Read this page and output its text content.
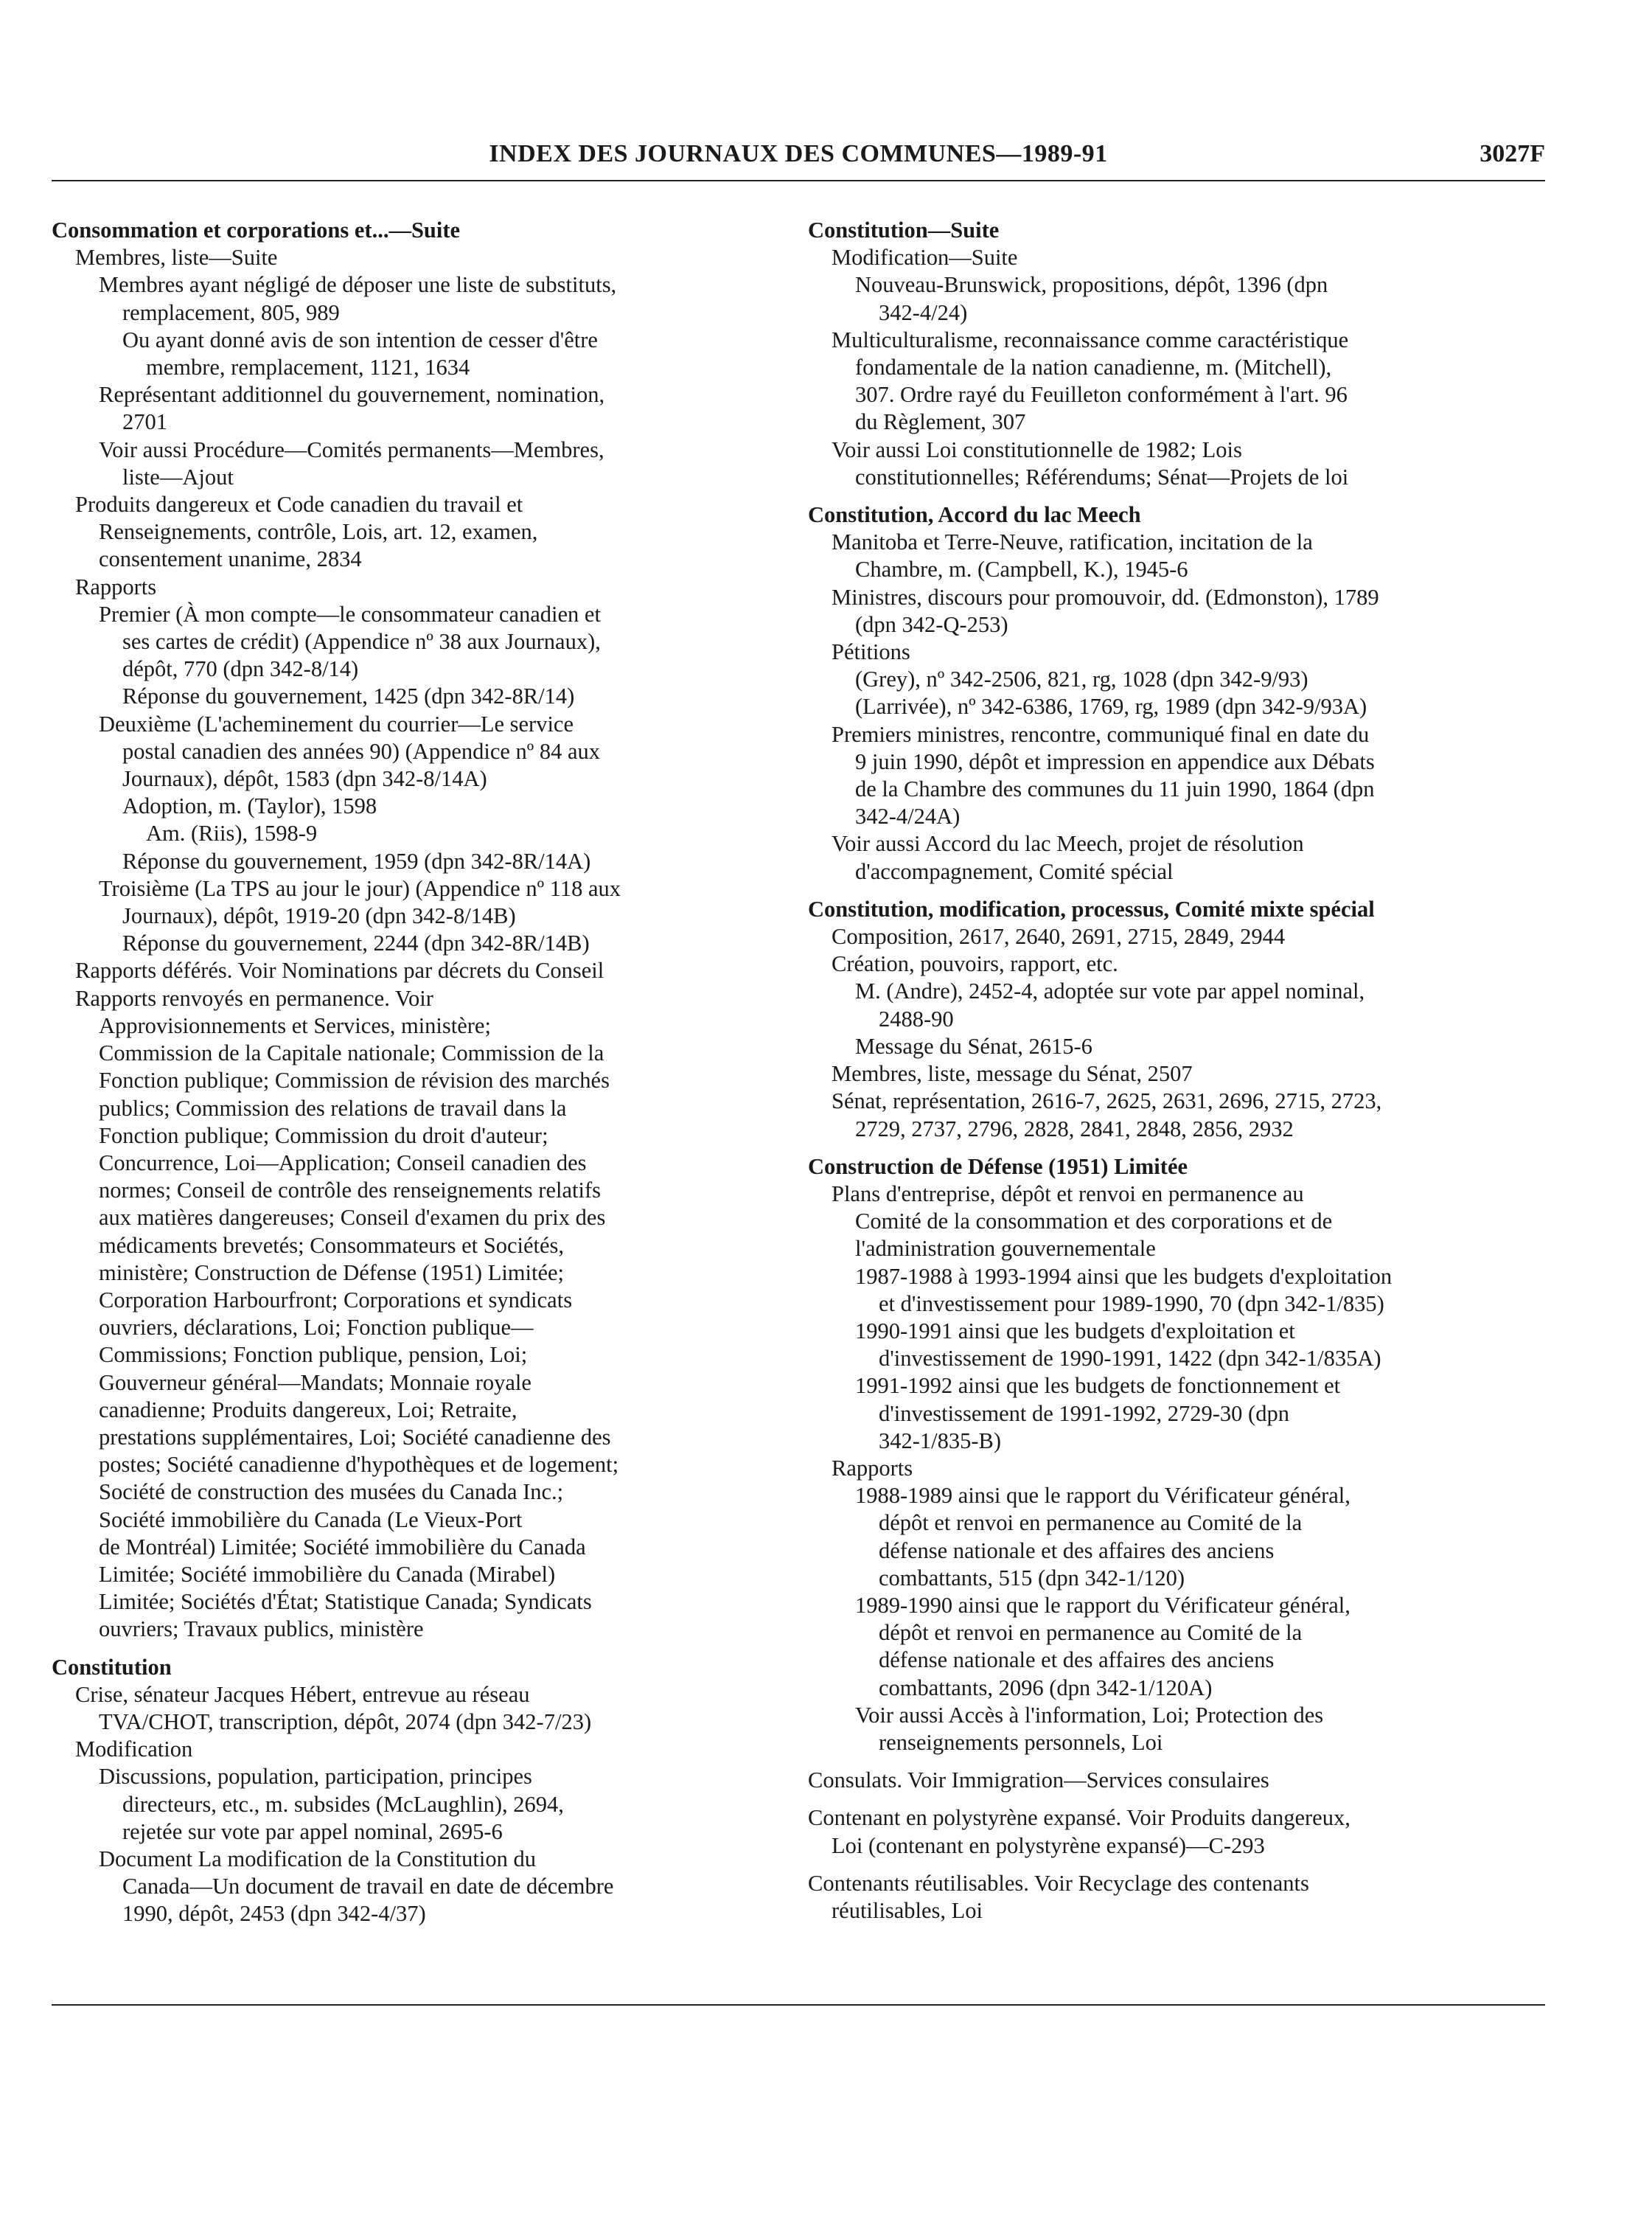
INDEX DES JOURNAUX DES COMMUNES—1989-91	3027F
Consommation et corporations et...—Suite
Membres, liste—Suite
Membres ayant négligé de déposer une liste de substituts,
remplacement, 805, 989
Ou ayant donné avis de son intention de cesser d'être
membre, remplacement, 1121, 1634
Représentant additionnel du gouvernement, nomination,
2701
Voir aussi Procédure—Comités permanents—Membres,
liste—Ajout
Produits dangereux et Code canadien du travail et
Renseignements, contrôle, Lois, art. 12, examen,
consentement unanime, 2834
Rapports
Premier (À mon compte—le consommateur canadien et
ses cartes de crédit) (Appendice nº 38 aux Journaux),
dépôt, 770 (dpn 342-8/14)
Réponse du gouvernement, 1425 (dpn 342-8R/14)
Deuxième (L'acheminement du courrier—Le service
postal canadien des années 90) (Appendice nº 84 aux
Journaux), dépôt, 1583 (dpn 342-8/14A)
Adoption, m. (Taylor), 1598
Am. (Riis), 1598-9
Réponse du gouvernement, 1959 (dpn 342-8R/14A)
Troisième (La TPS au jour le jour) (Appendice nº 118 aux
Journaux), dépôt, 1919-20 (dpn 342-8/14B)
Réponse du gouvernement, 2244 (dpn 342-8R/14B)
Rapports déférés. Voir Nominations par décrets du Conseil
Rapports renvoyés en permanence. Voir
Approvisionnements et Services, ministère;
Commission de la Capitale nationale; Commission de la
Fonction publique; Commission de révision des marchés
publics; Commission des relations de travail dans la
Fonction publique; Commission du droit d'auteur;
Concurrence, Loi—Application; Conseil canadien des
normes; Conseil de contrôle des renseignements relatifs
aux matières dangereuses; Conseil d'examen du prix des
médicaments brevetés; Consommateurs et Sociétés,
ministère; Construction de Défense (1951) Limitée;
Corporation Harbourfront; Corporations et syndicats
ouvriers, déclarations, Loi; Fonction publique—
Commissions; Fonction publique, pension, Loi;
Gouverneur général—Mandats; Monnaie royale
canadienne; Produits dangereux, Loi; Retraite,
prestations supplémentaires, Loi; Société canadienne des
postes; Société canadienne d'hypothèques et de logement;
Société de construction des musées du Canada Inc.;
Société immobilière du Canada (Le Vieux-Port
de Montréal) Limitée; Société immobilière du Canada
Limitée; Société immobilière du Canada (Mirabel)
Limitée; Sociétés d'État; Statistique Canada; Syndicats
ouvriers; Travaux publics, ministère
Constitution
Crise, sénateur Jacques Hébert, entrevue au réseau
TVA/CHOT, transcription, dépôt, 2074 (dpn 342-7/23)
Modification
Discussions, population, participation, principes
directeurs, etc., m. subsides (McLaughlin), 2694,
rejetée sur vote par appel nominal, 2695-6
Document La modification de la Constitution du
Canada—Un document de travail en date de décembre
1990, dépôt, 2453 (dpn 342-4/37)
Constitution—Suite
Modification—Suite
Nouveau-Brunswick, propositions, dépôt, 1396 (dpn
342-4/24)
Multiculturalisme, reconnaissance comme caractéristique
fondamentale de la nation canadienne, m. (Mitchell),
307. Ordre rayé du Feuilleton conformément à l'art. 96
du Règlement, 307
Voir aussi Loi constitutionnelle de 1982; Lois
constitutionnelles; Référendums; Sénat—Projets de loi
Constitution, Accord du lac Meech
Manitoba et Terre-Neuve, ratification, incitation de la
Chambre, m. (Campbell, K.), 1945-6
Ministres, discours pour promouvoir, dd. (Edmonston), 1789
(dpn 342-Q-253)
Pétitions
(Grey), nº 342-2506, 821, rg, 1028 (dpn 342-9/93)
(Larrivée), nº 342-6386, 1769, rg, 1989 (dpn 342-9/93A)
Premiers ministres, rencontre, communiqué final en date du
9 juin 1990, dépôt et impression en appendice aux Débats
de la Chambre des communes du 11 juin 1990, 1864 (dpn
342-4/24A)
Voir aussi Accord du lac Meech, projet de résolution
d'accompagnement, Comité spécial
Constitution, modification, processus, Comité mixte spécial
Composition, 2617, 2640, 2691, 2715, 2849, 2944
Création, pouvoirs, rapport, etc.
M. (Andre), 2452-4, adoptée sur vote par appel nominal,
2488-90
Message du Sénat, 2615-6
Membres, liste, message du Sénat, 2507
Sénat, représentation, 2616-7, 2625, 2631, 2696, 2715, 2723,
2729, 2737, 2796, 2828, 2841, 2848, 2856, 2932
Construction de Défense (1951) Limitée
Plans d'entreprise, dépôt et renvoi en permanence au
Comité de la consommation et des corporations et de
l'administration gouvernementale
1987-1988 à 1993-1994 ainsi que les budgets d'exploitation
et d'investissement pour 1989-1990, 70 (dpn 342-1/835)
1990-1991 ainsi que les budgets d'exploitation et
d'investissement de 1990-1991, 1422 (dpn 342-1/835A)
1991-1992 ainsi que les budgets de fonctionnement et
d'investissement de 1991-1992, 2729-30 (dpn
342-1/835-B)
Rapports
1988-1989 ainsi que le rapport du Vérificateur général,
dépôt et renvoi en permanence au Comité de la
défense nationale et des affaires des anciens
combattants, 515 (dpn 342-1/120)
1989-1990 ainsi que le rapport du Vérificateur général,
dépôt et renvoi en permanence au Comité de la
défense nationale et des affaires des anciens
combattants, 2096 (dpn 342-1/120A)
Voir aussi Accès à l'information, Loi; Protection des
renseignements personnels, Loi
Consulats. Voir Immigration—Services consulaires
Contenant en polystyrène expansé. Voir Produits dangereux,
Loi (contenant en polystyrène expansé)—C-293
Contenants réutilisables. Voir Recyclage des contenants
réutilisables, Loi
